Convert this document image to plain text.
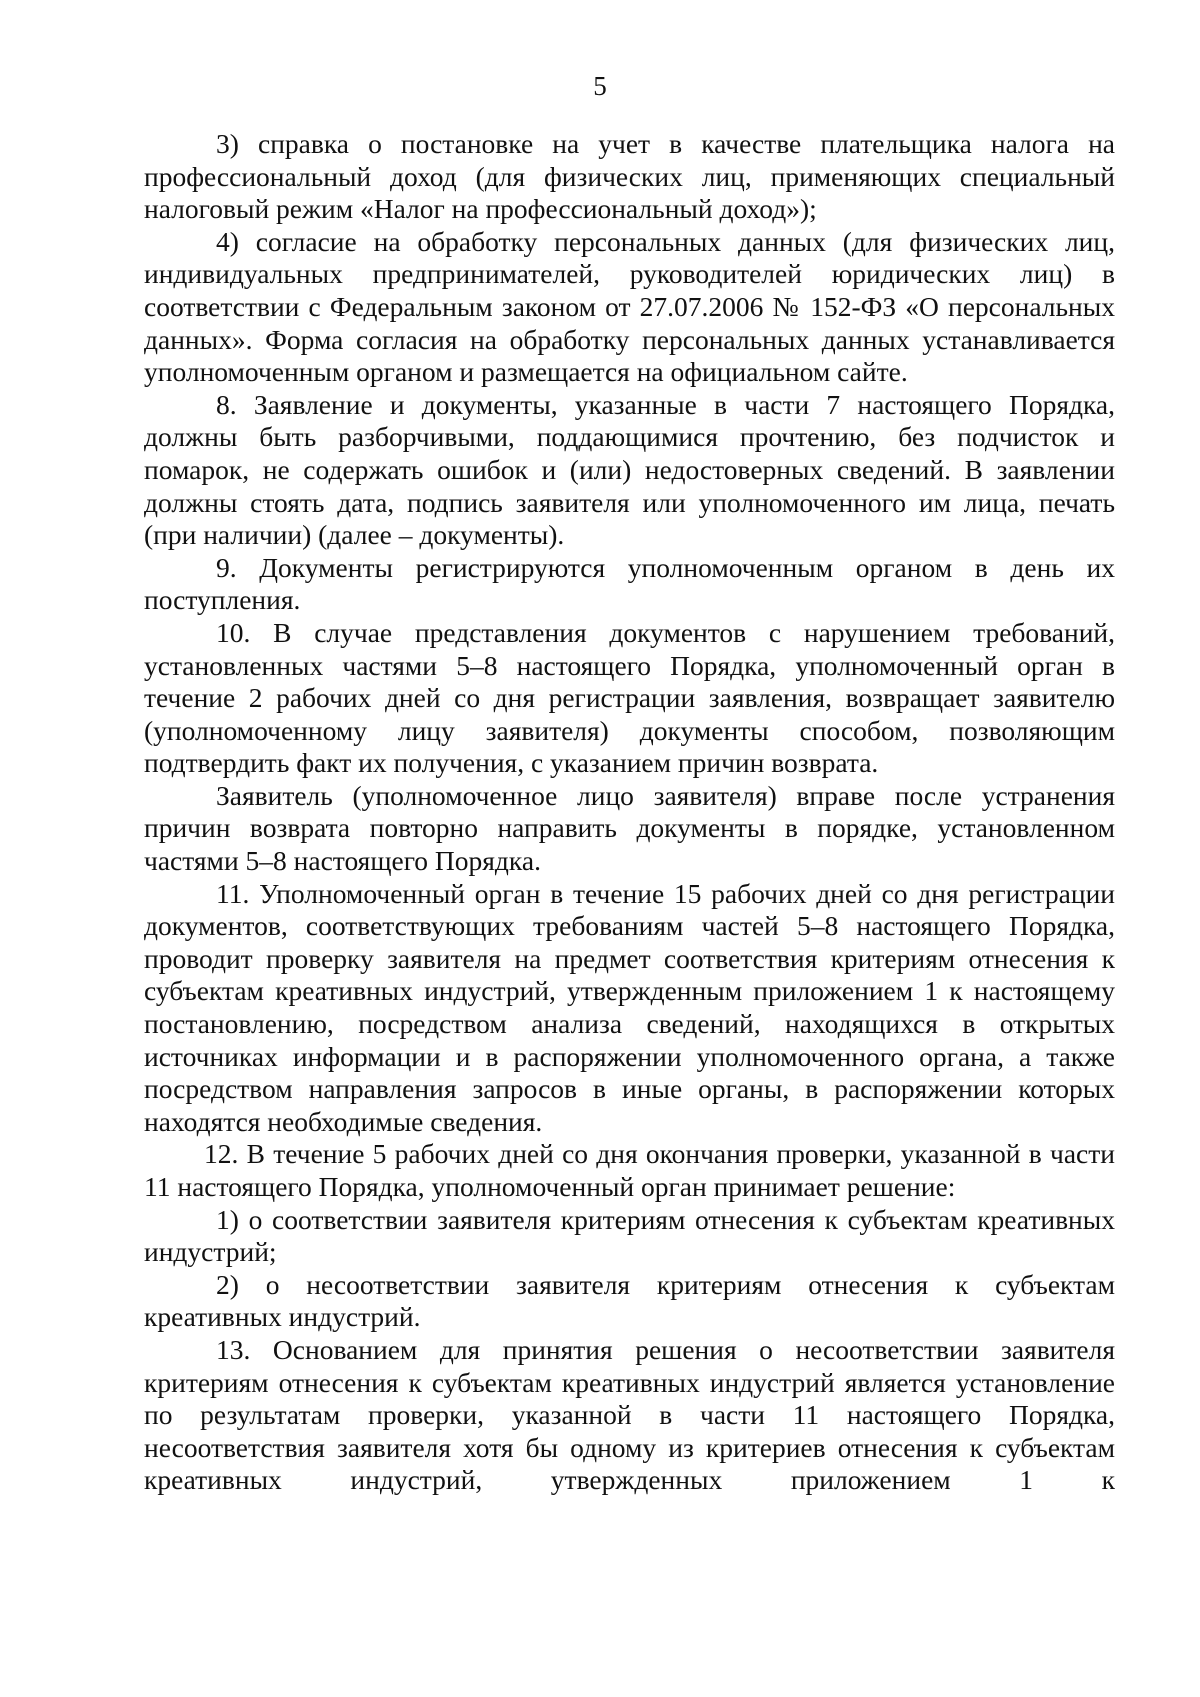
5

3) справка о постановке на учет в качестве плательщика налога на профессиональный доход (для физических лиц, применяющих специальный налоговый режим «Налог на профессиональный доход»);

4) согласие на обработку персональных данных (для физических лиц, индивидуальных предпринимателей, руководителей юридических лиц) в соответствии с Федеральным законом от 27.07.2006 № 152-ФЗ «О персональных данных». Форма согласия на обработку персональных данных устанавливается уполномоченным органом и размещается на официальном сайте.

8. Заявление и документы, указанные в части 7 настоящего Порядка, должны быть разборчивыми, поддающимися прочтению, без подчисток и помарок, не содержать ошибок и (или) недостоверных сведений. В заявлении должны стоять дата, подпись заявителя или уполномоченного им лица, печать (при наличии) (далее – документы).

9. Документы регистрируются уполномоченным органом в день их поступления.

10. В случае представления документов с нарушением требований, установленных частями 5–8 настоящего Порядка, уполномоченный орган в течение 2 рабочих дней со дня регистрации заявления, возвращает заявителю (уполномоченному лицу заявителя) документы способом, позволяющим подтвердить факт их получения, с указанием причин возврата.

Заявитель (уполномоченное лицо заявителя) вправе после устранения причин возврата повторно направить документы в порядке, установленном частями 5–8 настоящего Порядка.

11. Уполномоченный орган в течение 15 рабочих дней со дня регистрации документов, соответствующих требованиям частей 5–8 настоящего Порядка, проводит проверку заявителя на предмет соответствия критериям отнесения к субъектам креативных индустрий, утвержденным приложением 1 к настоящему постановлению, посредством анализа сведений, находящихся в открытых источниках информации и в распоряжении уполномоченного органа, а также посредством направления запросов в иные органы, в распоряжении которых находятся необходимые сведения.

12. В течение 5 рабочих дней со дня окончания проверки, указанной в части 11 настоящего Порядка, уполномоченный орган принимает решение:

1) о соответствии заявителя критериям отнесения к субъектам креативных индустрий;

2) о несоответствии заявителя критериям отнесения к субъектам креативных индустрий.

13. Основанием для принятия решения о несоответствии заявителя критериям отнесения к субъектам креативных индустрий является установление по результатам проверки, указанной в части 11 настоящего Порядка, несоответствия заявителя хотя бы одному из критериев отнесения к субъектам креативных индустрий, утвержденных приложением 1 к
